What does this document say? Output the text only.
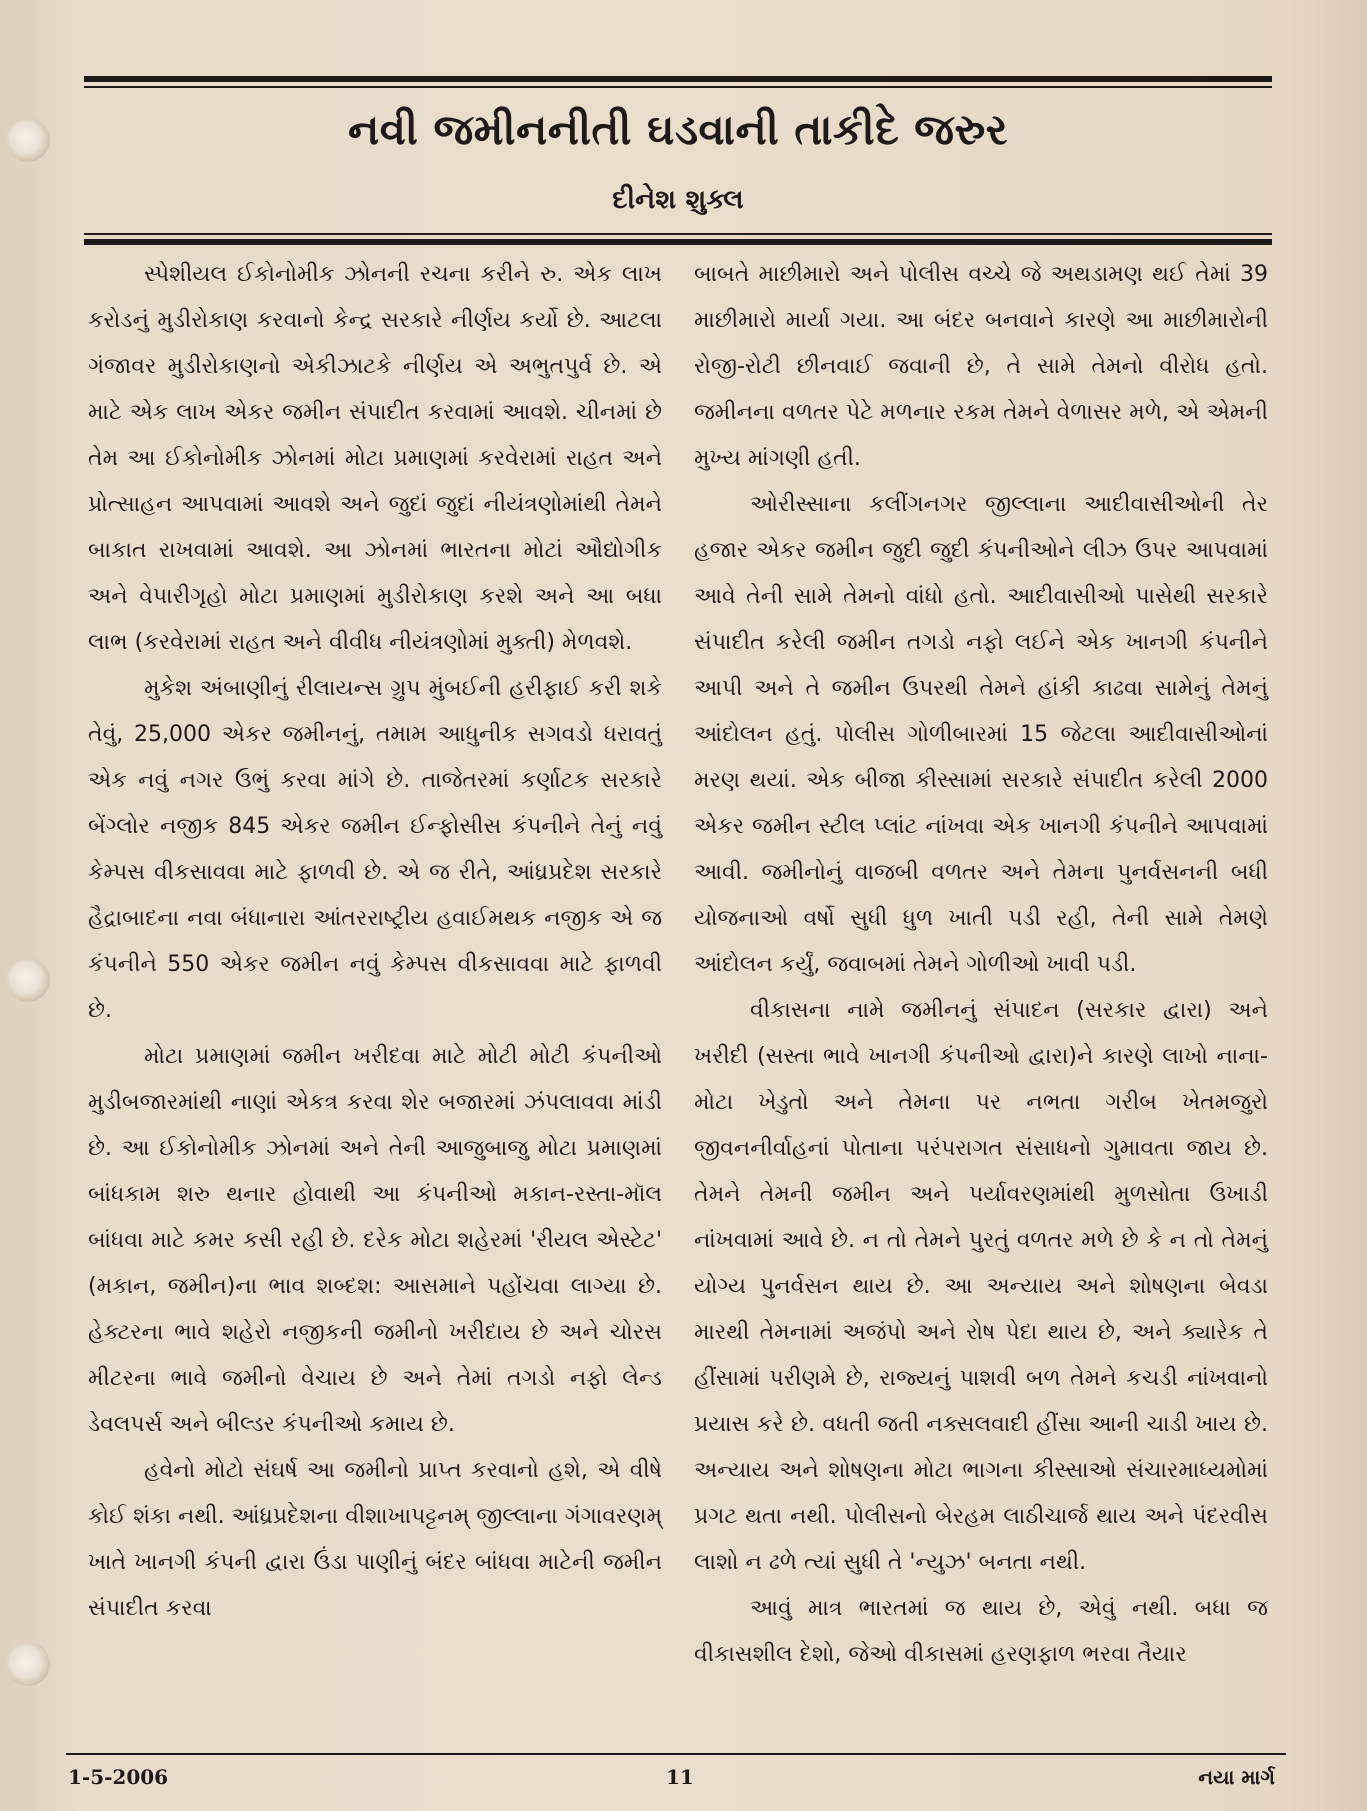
નવી જમીનનીતી ઘડવાની તાકીદે જરુર
દીનેશ શુક્લ

સ્પેશીયલ ઈકોનોમીક ઝોનની રચના કરીને રુ. એક લાખ કરોડનું મુડીરોકાણ કરવાનો કેન્દ્ર સરકારે નીર્ણય કર્યો છે. આટલા ગંજાવર મુડીરોકાણનો એકીઝાટકે નીર્ણય એ અભુતપુર્વ છે. એ માટે એક લાખ એકર જમીન સંપાદીત કરવામાં આવશે. ચીનમાં છે તેમ આ ઈકોનોમીક ઝોનમાં મોટા પ્રમાણમાં કરવેરામાં રાહત અને પ્રોત્સાહન આપવામાં આવશે અને જુદાં જુદાં નીયંત્રણોમાંથી તેમને બાકાત રાખવામાં આવશે. આ ઝોનમાં ભારતના મોટાં ઔદ્યોગીક અને વેપારીગૃહો મોટા પ્રમાણમાં મુડીરોકાણ કરશે અને આ બધા લાભ (કરવેરામાં રાહત અને વીવીધ નીયંત્રણોમાં મુક્તી) મેળવશે.

મુકેશ અંબાણીનું રીલાયન્સ ગ્રુપ મુંબઈની હરીફાઈ કરી શકે તેવું, 25,000 એકર જમીનનું, તમામ આધુનીક સગવડો ધરાવતું એક નવું નગર ઉભું કરવા માંગે છે. તાજેતરમાં કર્ણાટક સરકારે બેંગ્લોર નજીક 845 એકર જમીન ઈન્ફોસીસ કંપનીને તેનું નવું કેમ્પસ વીકસાવવા માટે ફાળવી છે. એ જ રીતે, આંધ્રપ્રદેશ સરકારે હૈદ્રાબાદના નવા બંધાનારા આંતરરાષ્ટ્રીય હવાઈમથક નજીક એ જ કંપનીને 550 એકર જમીન નવું કેમ્પસ વીકસાવવા માટે ફાળવી છે.

મોટા પ્રમાણમાં જમીન ખરીદવા માટે મોટી મોટી કંપનીઓ મુડીબજારમાંથી નાણાં એકત્ર કરવા શેર બજારમાં ઝંપલાવવા માંડી છે. આ ઈકોનોમીક ઝોનમાં અને તેની આજુબાજુ મોટા પ્રમાણમાં બાંધકામ શરુ થનાર હોવાથી આ કંપનીઓ મકાન-રસ્તા-મૉલ બાંધવા માટે કમર કસી રહી છે. દરેક મોટા શહેરમાં 'રીયલ એસ્ટેટ' (મકાન, જમીન)ના ભાવ શબ્દશ: આસમાને પહોંચવા લાગ્યા છે. હેક્ટરના ભાવે શહેરો નજીકની જમીનો ખરીદાય છે અને ચોરસ મીટરના ભાવે જમીનો વેચાય છે અને તેમાં તગડો નફો લેન્ડ ડેવલપર્સ અને બીલ્ડર કંપનીઓ કમાય છે.

હવેનો મોટો સંઘર્ષ આ જમીનો પ્રાપ્ત કરવાનો હશે, એ વીષે કોઈ શંકા નથી. આંધ્રપ્રદેશના વીશાખાપટ્ટનમ્ જીલ્લાના ગંગાવરણમ્ ખાતે ખાનગી કંપની દ્વારા ઉંડા પાણીનું બંદર બાંધવા માટેની જમીન સંપાદીત કરવા

બાબતે માછીમારો અને પોલીસ વચ્ચે જે અથડામણ થઈ તેમાં 39 માછીમારો માર્યા ગયા. આ બંદર બનવાને કારણે આ માછીમારોની રોજી-રોટી છીનવાઈ જવાની છે, તે સામે તેમનો વીરોધ હતો. જમીનના વળતર પેટે મળનાર રકમ તેમને વેળાસર મળે, એ એમની મુખ્ય માંગણી હતી.

ઓરીસ્સાના કલીંગનગર જીલ્લાના આદીવાસીઓની તેર હજાર એકર જમીન જુદી જુદી કંપનીઓને લીઝ ઉપર આપવામાં આવે તેની સામે તેમનો વાંધો હતો. આદીવાસીઓ પાસેથી સરકારે સંપાદીત કરેલી જમીન તગડો નફો લઈને એક ખાનગી કંપનીને આપી અને તે જમીન ઉપરથી તેમને હાંકી કાઢવા સામેનું તેમનું આંદોલન હતું. પોલીસ ગોળીબારમાં 15 જેટલા આદીવાસીઓનાં મરણ થયાં. એક બીજા કીસ્સામાં સરકારે સંપાદીત કરેલી 2000 એકર જમીન સ્ટીલ પ્લાંટ નાંખવા એક ખાનગી કંપનીને આપવામાં આવી. જમીનોનું વાજબી વળતર અને તેમના પુનર્વસનની બધી યોજનાઓ વર્ષો સુધી ધુળ ખાતી પડી રહી, તેની સામે તેમણે આંદોલન કર્યું, જવાબમાં તેમને ગોળીઓ ખાવી પડી.

વીકાસના નામે જમીનનું સંપાદન (સરકાર દ્વારા) અને ખરીદી (સસ્તા ભાવે ખાનગી કંપનીઓ દ્વારા)ને કારણે લાખો નાના-મોટા ખેડુતો અને તેમના પર નભતા ગરીબ ખેતમજુરો જીવનનીર્વાહનાં પોતાના પરંપરાગત સંસાધનો ગુમાવતા જાય છે. તેમને તેમની જમીન અને પર્યાવરણમાંથી મુળસોતા ઉખાડી નાંખવામાં આવે છે. ન તો તેમને પુરતું વળતર મળે છે કે ન તો તેમનું યોગ્ય પુનર્વસન થાય છે. આ અન્યાય અને શોષણના બેવડા મારથી તેમનામાં અજંપો અને રોષ પેદા થાય છે, અને ક્યારેક તે હીંસામાં પરીણમે છે, રાજ્યનું પાશવી બળ તેમને કચડી નાંખવાનો પ્રયાસ કરે છે. વધતી જતી નક્સલવાદી હીંસા આની ચાડી ખાય છે. અન્યાય અને શોષણના મોટા ભાગના કીસ્સાઓ સંચારમાધ્યમોમાં પ્રગટ થતા નથી. પોલીસનો બેરહમ લાઠીચાર્જ થાય અને પંદરવીસ લાશો ન ઢળે ત્યાં સુધી તે 'ન્યુઝ' બનતા નથી.

આવું માત્ર ભારતમાં જ થાય છે, એવું નથી. બધા જ વીકાસશીલ દેશો, જેઓ વીકાસમાં હરણફાળ ભરવા તૈયાર

1-5-2006	11	નયા માર્ગ
